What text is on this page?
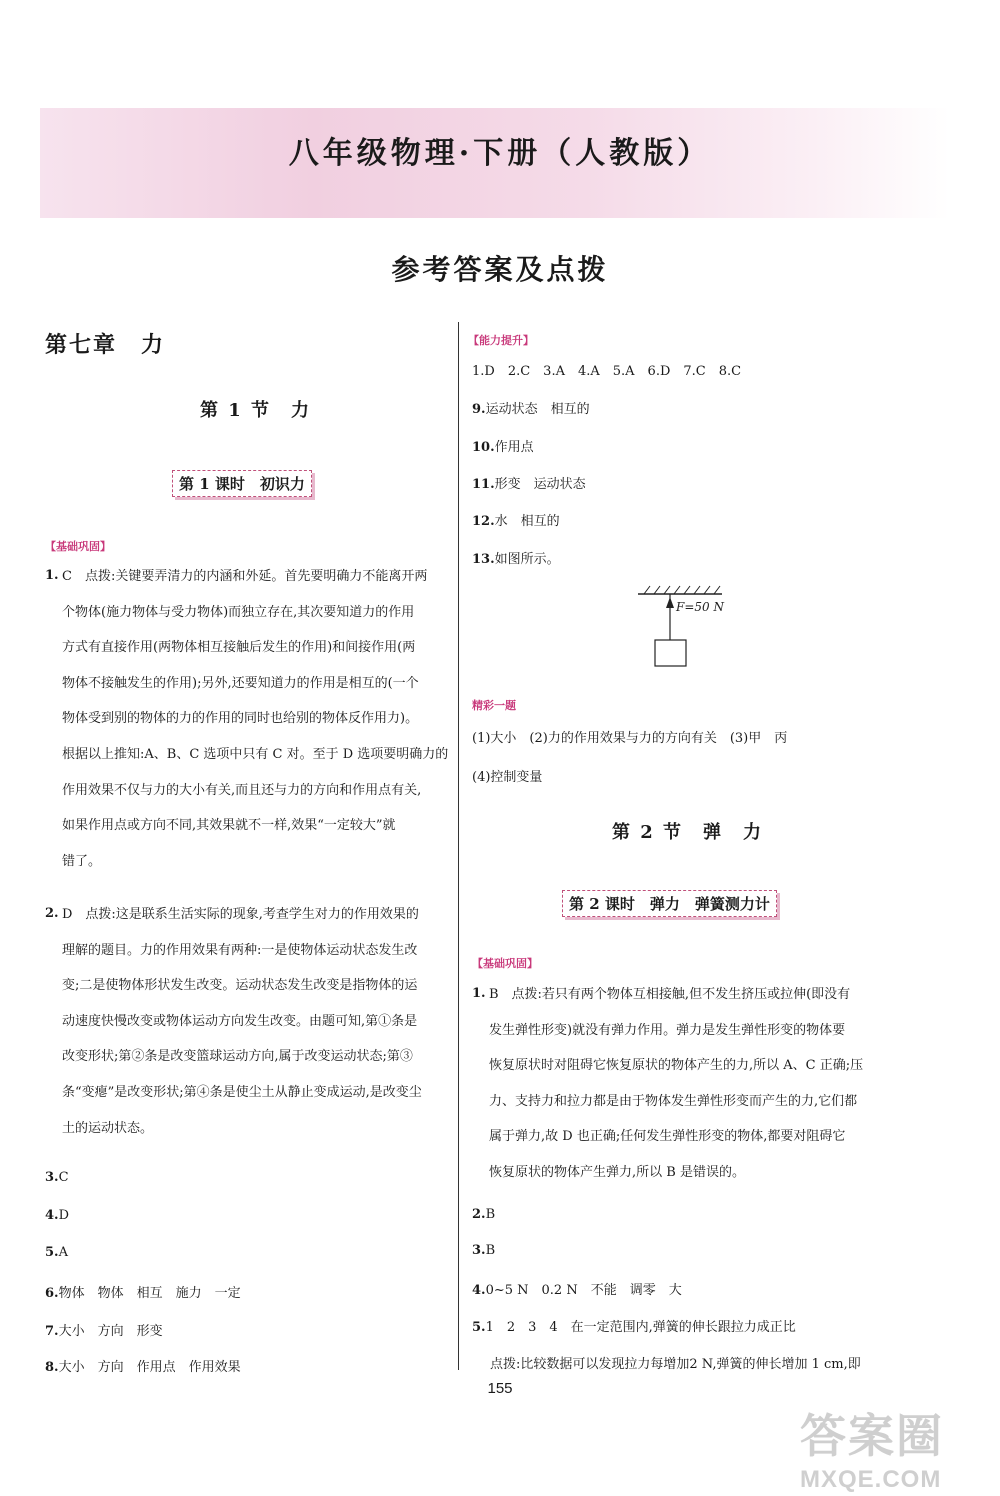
八年级物理·下册（人教版）
参考答案及点拨
第七章　力
第 1 节　力
第 1 课时　初识力
【基础巩固】
1. C　点拨:关键要弄清力的内涵和外延。首先要明确力不能离开两
个物体(施力物体与受力物体)而独立存在,其次要知道力的作用
方式有直接作用(两物体相互接触后发生的作用)和间接作用(两
物体不接触发生的作用);另外,还要知道力的作用是相互的(一个
物体受到别的物体的力的作用的同时也给别的物体反作用力)。
根据以上推知:A、B、C 选项中只有 C 对。至于 D 选项要明确力的
作用效果不仅与力的大小有关,而且还与力的方向和作用点有关,
如果作用点或方向不同,其效果就不一样,效果“一定较大”就
错了。
2. D　点拨:这是联系生活实际的现象,考查学生对力的作用效果的
理解的题目。力的作用效果有两种:一是使物体运动状态发生改
变;二是使物体形状发生改变。运动状态发生改变是指物体的运
动速度快慢改变或物体运动方向发生改变。由题可知,第①条是
改变形状;第②条是改变篮球运动方向,属于改变运动状态;第③
条“变瘪”是改变形状;第④条是使尘土从静止变成运动,是改变尘
土的运动状态。
3.C
4.D
5.A
6.物体　物体　相互　施力　一定
7.大小　方向　形变
8.大小　方向　作用点　作用效果
【能力提升】
1.D　2.C　3.A　4.A　5.A　6.D　7.C　8.C
9.运动状态　相互的
10.作用点
11.形变　运动状态
12.水　相互的
13.如图所示。
F=50 N
精彩一题
(1)大小　(2)力的作用效果与力的方向有关　(3)甲　丙
(4)控制变量
第 2 节　弹　力
第 2 课时　弹力　弹簧测力计
【基础巩固】
1. B　点拨:若只有两个物体互相接触,但不发生挤压或拉伸(即没有
发生弹性形变)就没有弹力作用。弹力是发生弹性形变的物体要
恢复原状时对阻碍它恢复原状的物体产生的力,所以 A、C 正确;压
力、支持力和拉力都是由于物体发生弹性形变而产生的力,它们都
属于弹力,故 D 也正确;任何发生弹性形变的物体,都要对阻碍它
恢复原状的物体产生弹力,所以 B 是错误的。
2.B
3.B
4.0~5 N　0.2 N　不能　调零　大
5.1　2　3　4　在一定范围内,弹簧的伸长跟拉力成正比
点拨:比较数据可以发现拉力每增加2 N,弹簧的伸长增加 1 cm,即
155
答案圈
MXQE.COM
